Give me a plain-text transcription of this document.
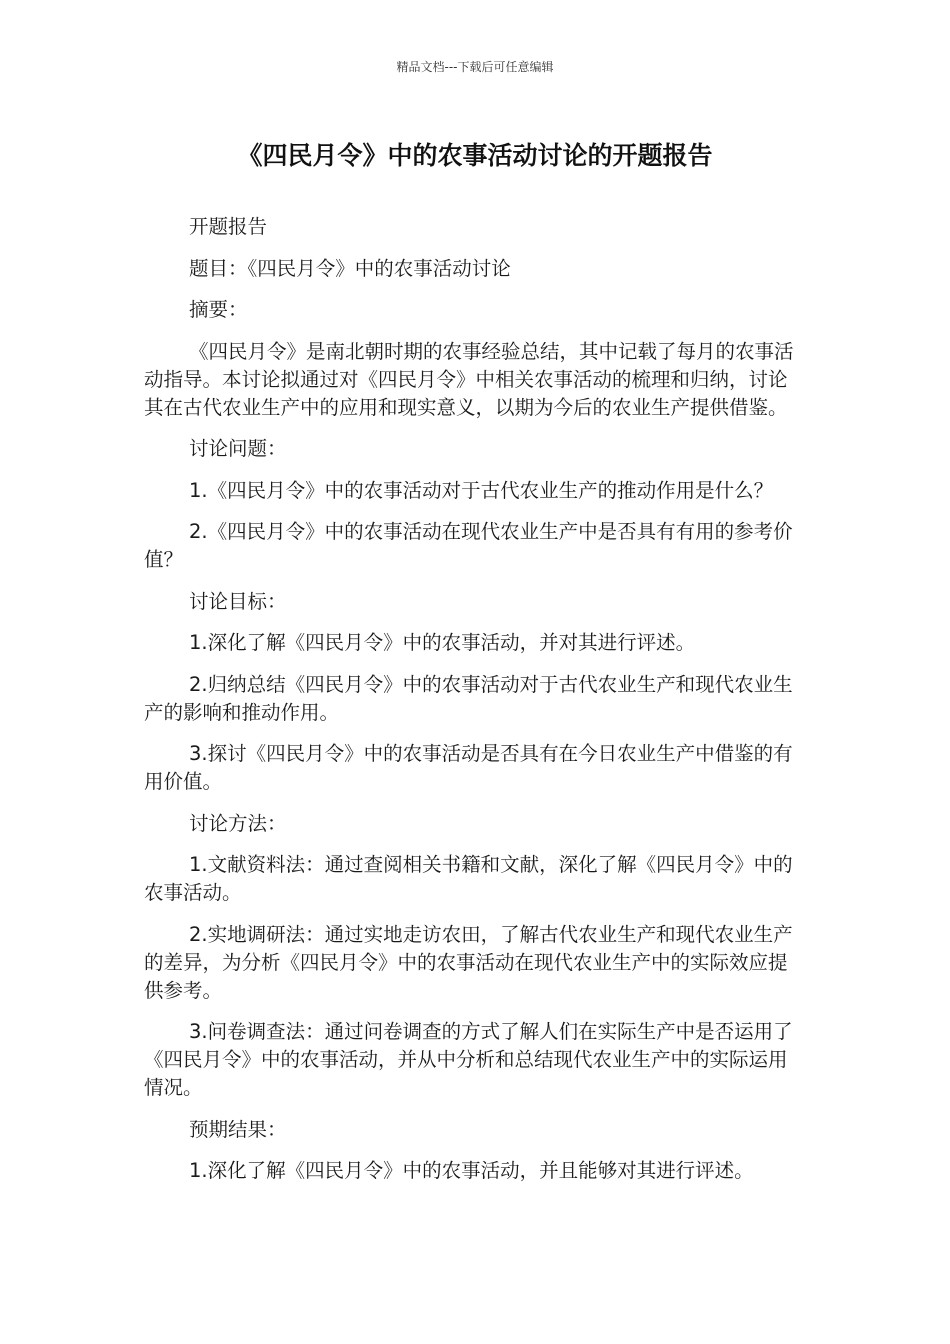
精品文档---下载后可任意编辑
《四民月令》中的农事活动讨论的开题报告

开题报告

题目：《四民月令》中的农事活动讨论

摘要：

《四民月令》是南北朝时期的农事经验总结，其中记载了每月的农事活动指导。本讨论拟通过对《四民月令》中相关农事活动的梳理和归纳，讨论其在古代农业生产中的应用和现实意义，以期为今后的农业生产提供借鉴。

讨论问题：

1.《四民月令》中的农事活动对于古代农业生产的推动作用是什么？

2.《四民月令》中的农事活动在现代农业生产中是否具有有用的参考价值？

讨论目标：

1.深化了解《四民月令》中的农事活动，并对其进行评述。

2.归纳总结《四民月令》中的农事活动对于古代农业生产和现代农业生产的影响和推动作用。

3.探讨《四民月令》中的农事活动是否具有在今日农业生产中借鉴的有用价值。

讨论方法：

1.文献资料法：通过查阅相关书籍和文献，深化了解《四民月令》中的农事活动。

2.实地调研法：通过实地走访农田，了解古代农业生产和现代农业生产的差异，为分析《四民月令》中的农事活动在现代农业生产中的实际效应提供参考。

3.问卷调查法：通过问卷调查的方式了解人们在实际生产中是否运用了《四民月令》中的农事活动，并从中分析和总结现代农业生产中的实际运用情况。

预期结果：

1.深化了解《四民月令》中的农事活动，并且能够对其进行评述。
